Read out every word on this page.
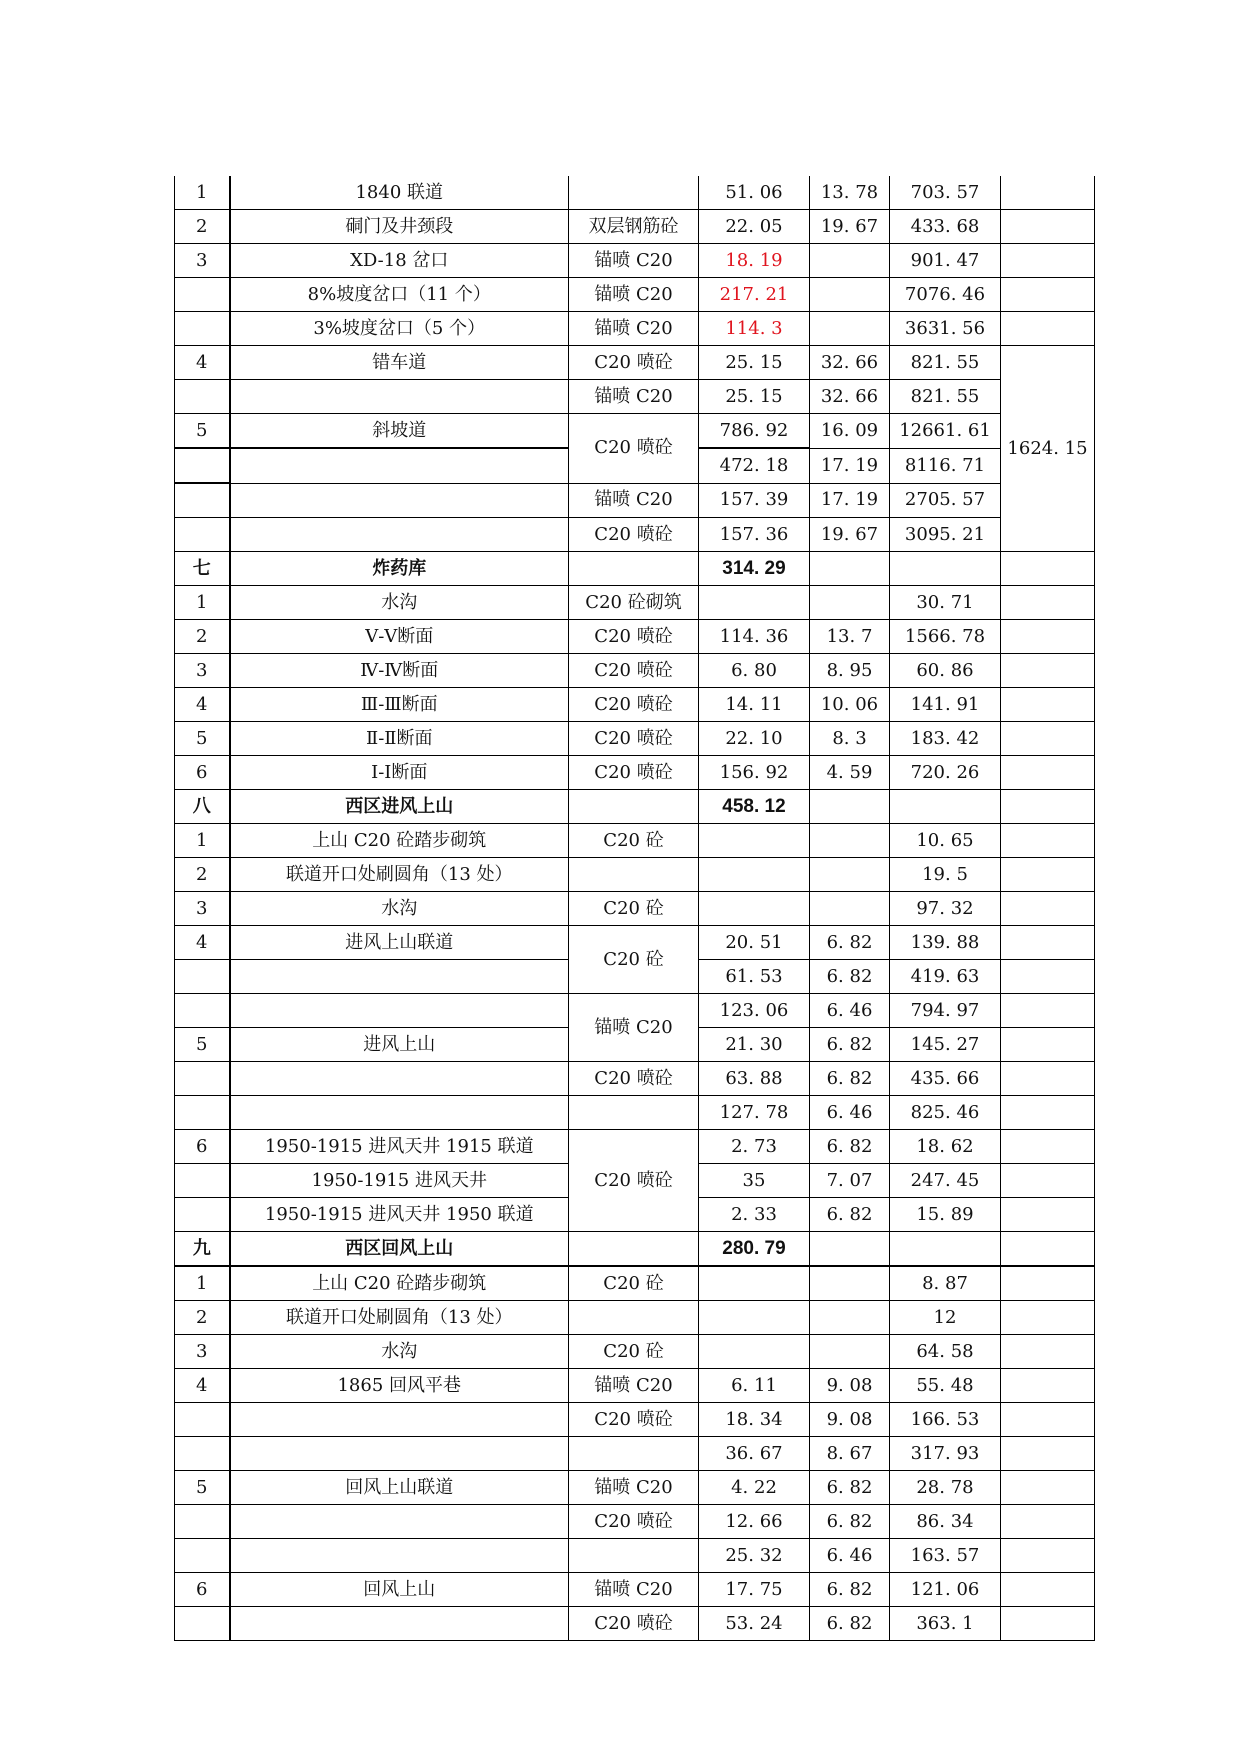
1	1840 联道		51. 06	13. 78	703. 57	
2	硐门及井颈段	双层钢筋砼	22. 05	19. 67	433. 68	
3	XD-18 岔口	锚喷 C20	18. 19		901. 47	
	8%坡度岔口（11 个）	锚喷 C20	217. 21		7076. 46	
	3%坡度岔口（5 个）	锚喷 C20	114. 3		3631. 56	
4	错车道	C20 喷砼	25. 15	32. 66	821. 55	1624. 15
		锚喷 C20	25. 15	32. 66	821. 55	
5	斜坡道	C20 喷砼	786. 92	16. 09	12661. 61	
			472. 18	17. 19	8116. 71	
		锚喷 C20	157. 39	17. 19	2705. 57	
		C20 喷砼	157. 36	19. 67	3095. 21	
七	炸药库		314. 29			
1	水沟	C20 砼砌筑			30. 71	
2	Ⅴ-Ⅴ断面	C20 喷砼	114. 36	13. 7	1566. 78	
3	Ⅳ-Ⅳ断面	C20 喷砼	6. 80	8. 95	60. 86	
4	Ⅲ-Ⅲ断面	C20 喷砼	14. 11	10. 06	141. 91	
5	Ⅱ-Ⅱ断面	C20 喷砼	22. 10	8. 3	183. 42	
6	Ⅰ-Ⅰ断面	C20 喷砼	156. 92	4. 59	720. 26	
八	西区进风上山		458. 12			
1	上山 C20 砼踏步砌筑	C20 砼			10. 65	
2	联道开口处刷圆角（13 处）				19. 5	
3	水沟	C20 砼			97. 32	
4	进风上山联道	C20 砼	20. 51	6. 82	139. 88	
			61. 53	6. 82	419. 63	
		锚喷 C20	123. 06	6. 46	794. 97	
5	进风上山		21. 30	6. 82	145. 27	
		C20 喷砼	63. 88	6. 82	435. 66	
			127. 78	6. 46	825. 46	
6	1950-1915 进风天井 1915 联道	C20 喷砼	2. 73	6. 82	18. 62	
	1950-1915 进风天井		35	7. 07	247. 45	
	1950-1915 进风天井 1950 联道		2. 33	6. 82	15. 89	
九	西区回风上山		280. 79			
1	上山 C20 砼踏步砌筑	C20 砼			8. 87	
2	联道开口处刷圆角（13 处）				12	
3	水沟	C20 砼			64. 58	
4	1865 回风平巷	锚喷 C20	6. 11	9. 08	55. 48	
		C20 喷砼	18. 34	9. 08	166. 53	
			36. 67	8. 67	317. 93	
5	回风上山联道	锚喷 C20	4. 22	6. 82	28. 78	
		C20 喷砼	12. 66	6. 82	86. 34	
			25. 32	6. 46	163. 57	
6	回风上山	锚喷 C20	17. 75	6. 82	121. 06	
		C20 喷砼	53. 24	6. 82	363. 1	
